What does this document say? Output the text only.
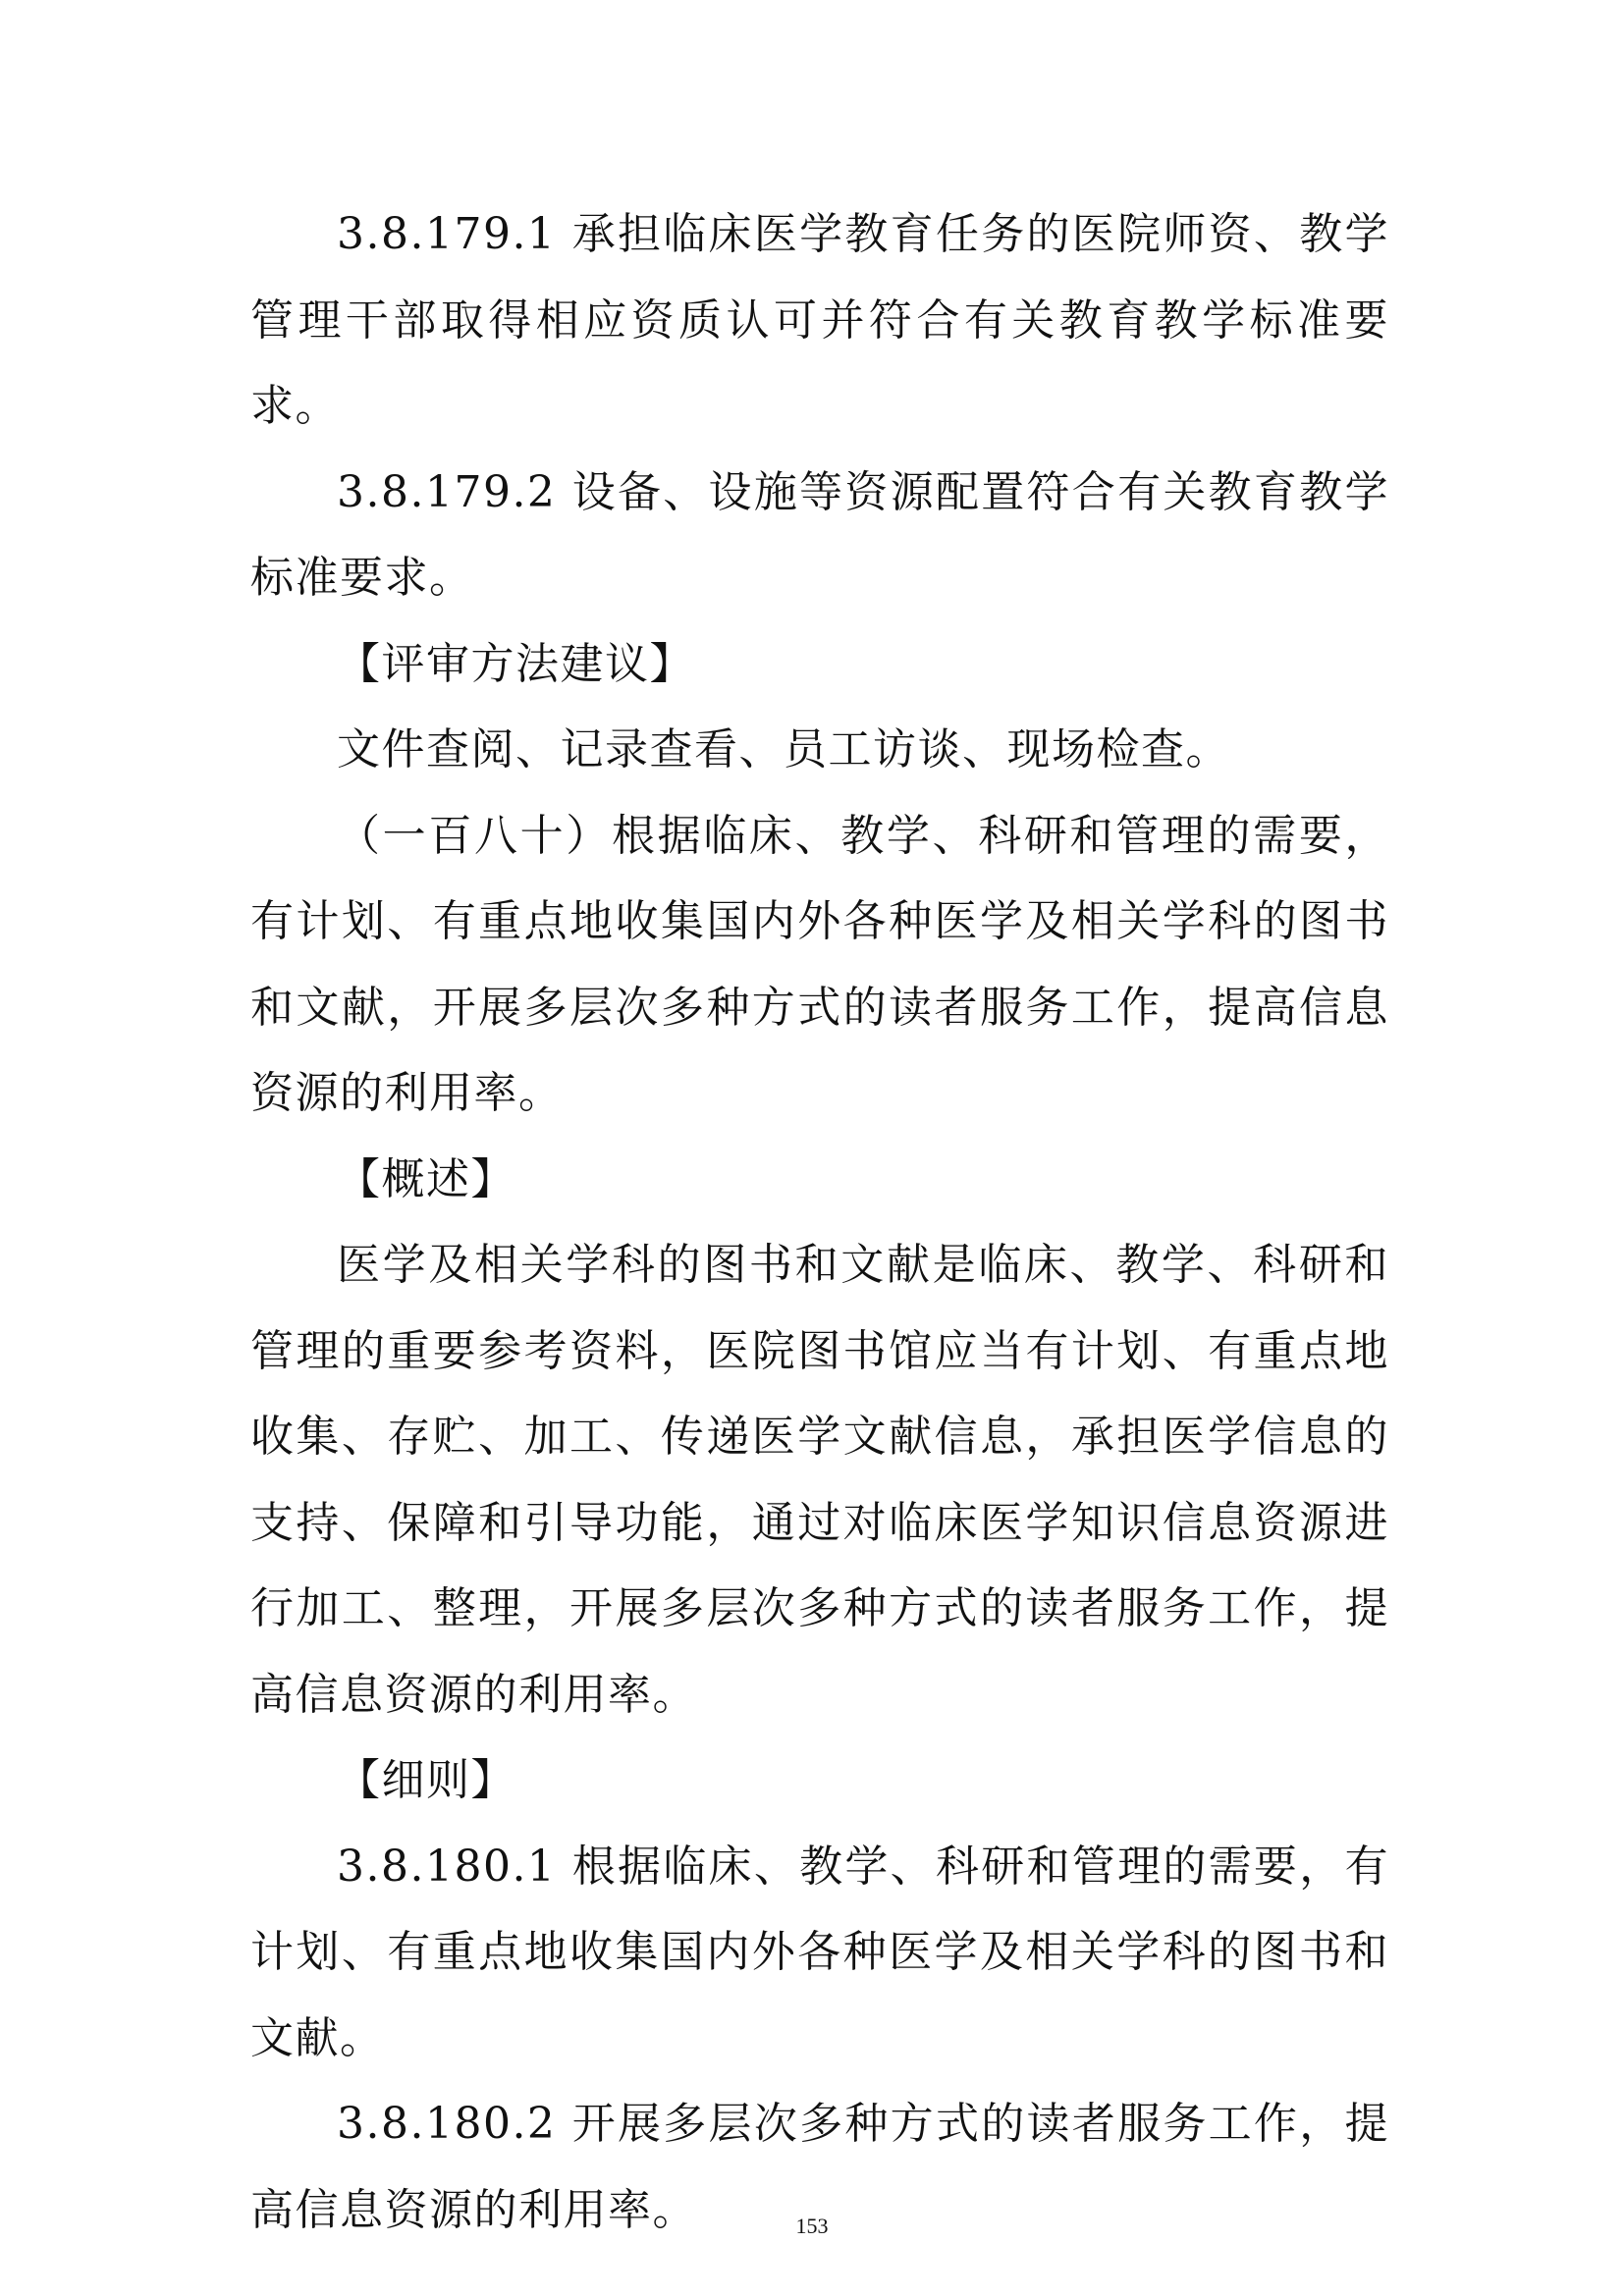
3.8.179.1 承担临床医学教育任务的医院师资、教学管理干部取得相应资质认可并符合有关教育教学标准要求。

3.8.179.2 设备、设施等资源配置符合有关教育教学标准要求。

【评审方法建议】

文件查阅、记录查看、员工访谈、现场检查。

（一百八十）根据临床、教学、科研和管理的需要，有计划、有重点地收集国内外各种医学及相关学科的图书和文献，开展多层次多种方式的读者服务工作，提高信息资源的利用率。

【概述】

医学及相关学科的图书和文献是临床、教学、科研和管理的重要参考资料，医院图书馆应当有计划、有重点地收集、存贮、加工、传递医学文献信息，承担医学信息的支持、保障和引导功能，通过对临床医学知识信息资源进行加工、整理，开展多层次多种方式的读者服务工作，提高信息资源的利用率。

【细则】

3.8.180.1 根据临床、教学、科研和管理的需要，有计划、有重点地收集国内外各种医学及相关学科的图书和文献。

3.8.180.2 开展多层次多种方式的读者服务工作，提高信息资源的利用率。	153
